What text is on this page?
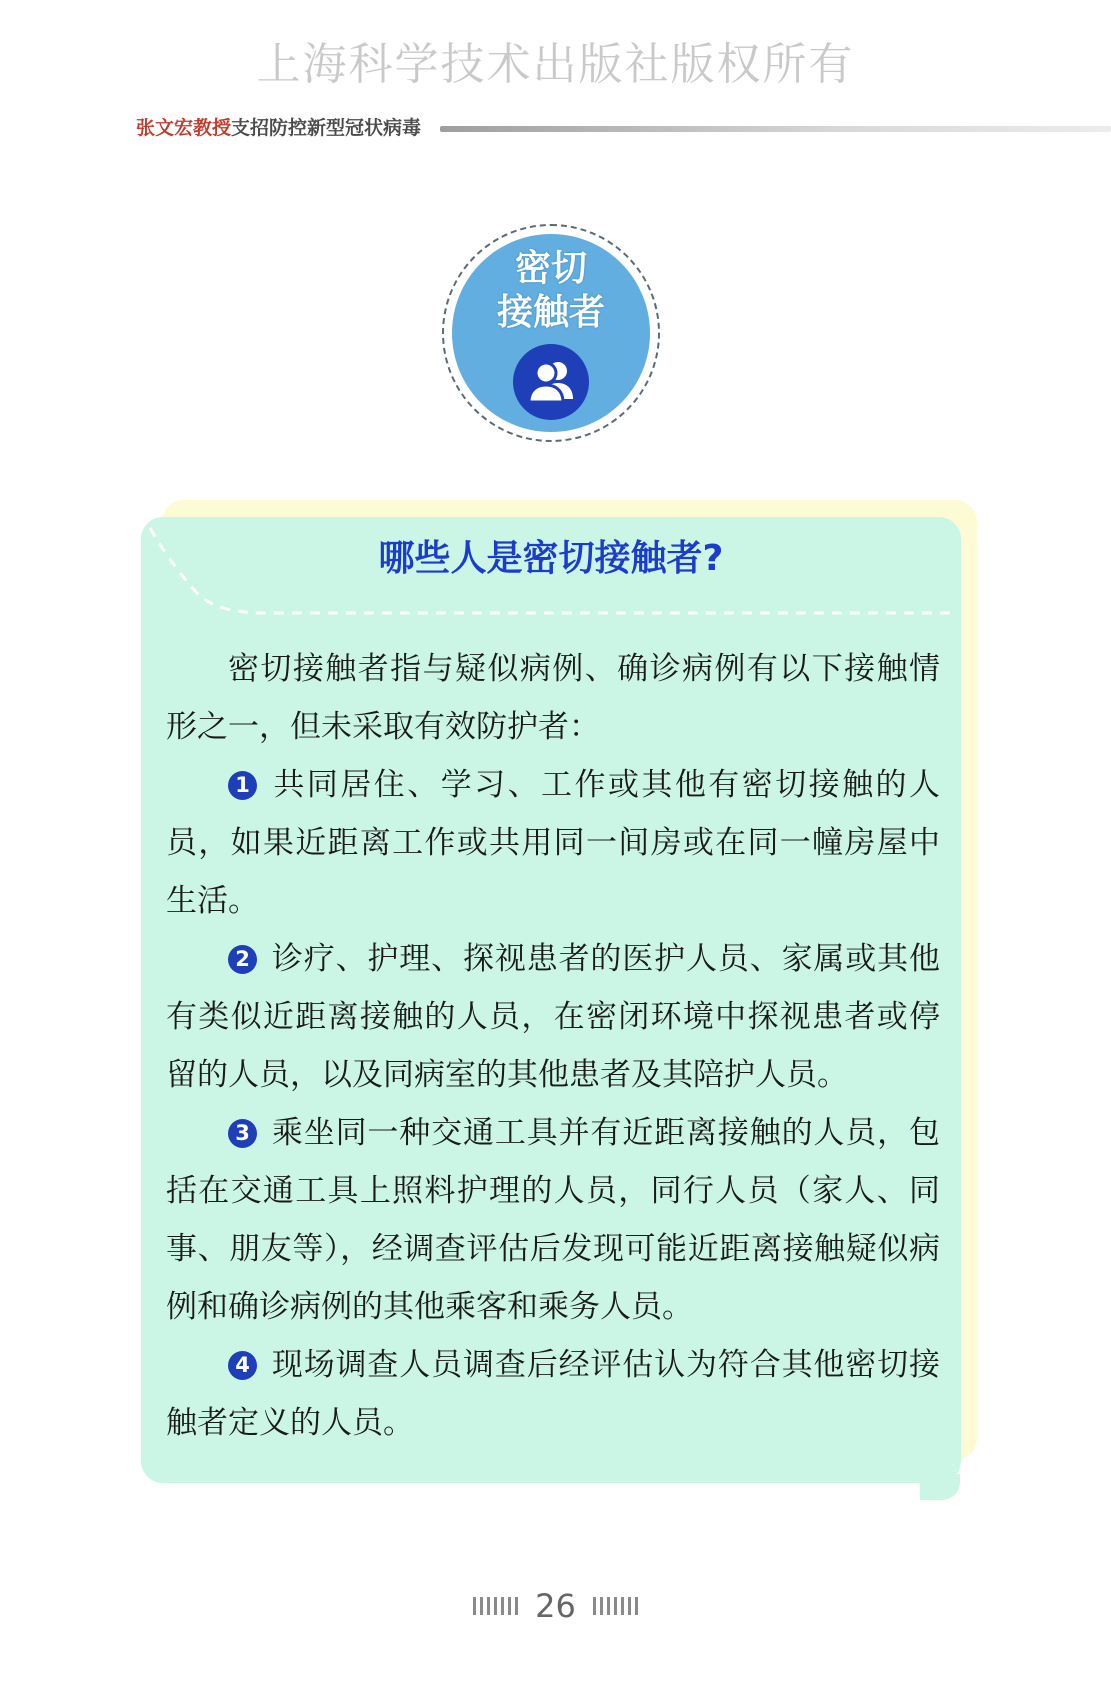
上海科学技术出版社版权所有
张文宏教授支招防控新型冠状病毒
密切
接触者
哪些人是密切接触者?

密切接触者指与疑似病例、确诊病例有以下接触情形之一，但未采取有效防护者：

1 共同居住、学习、工作或其他有密切接触的人员，如果近距离工作或共用同一间房或在同一幢房屋中生活。

2 诊疗、护理、探视患者的医护人员、家属或其他有类似近距离接触的人员，在密闭环境中探视患者或停留的人员，以及同病室的其他患者及其陪护人员。

3 乘坐同一种交通工具并有近距离接触的人员，包括在交通工具上照料护理的人员，同行人员（家人、同事、朋友等），经调查评估后发现可能近距离接触疑似病例和确诊病例的其他乘客和乘务人员。

4 现场调查人员调查后经评估认为符合其他密切接触者定义的人员。

26
